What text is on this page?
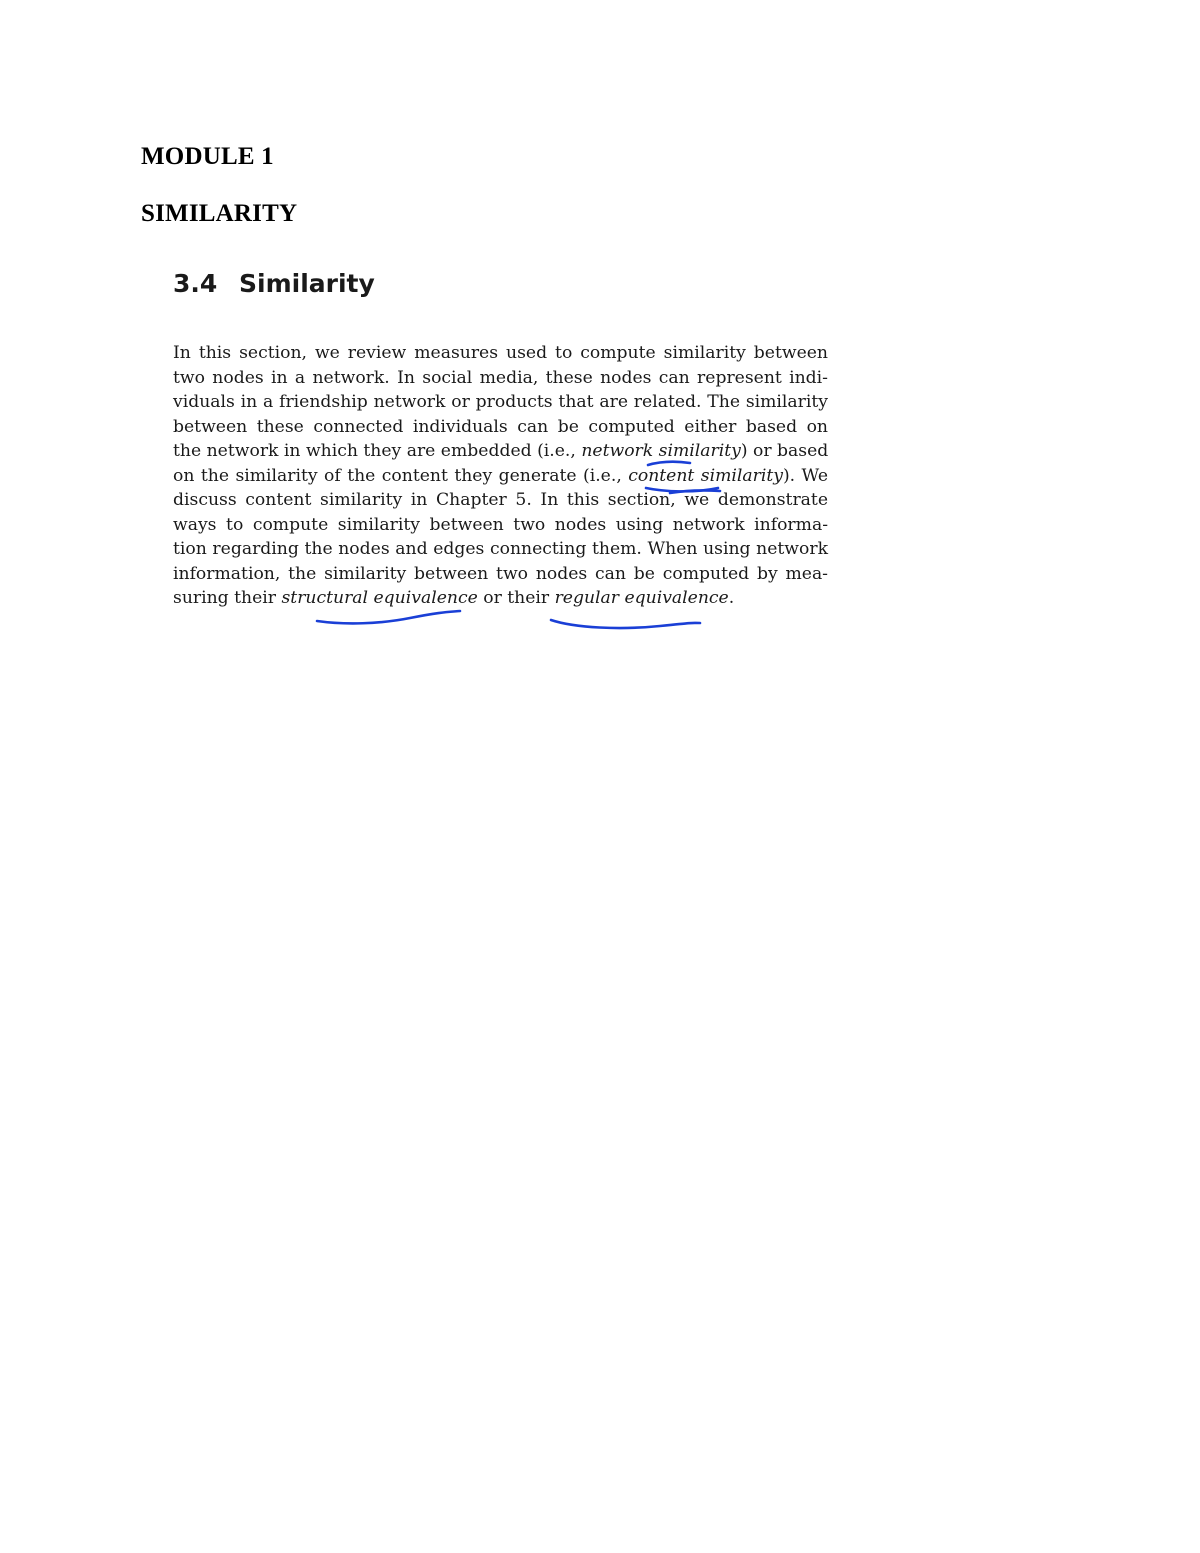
MODULE 1
SIMILARITY
3.4 Similarity
In this section, we review measures used to compute similarity between
two nodes in a network. In social media, these nodes can represent indi-
viduals in a friendship network or products that are related. The similarity
between these connected individuals can be computed either based on
the network in which they are embedded (i.e., network similarity) or based
on the similarity of the content they generate (i.e., content similarity). We
discuss content similarity in Chapter 5. In this section, we demonstrate
ways to compute similarity between two nodes using network informa-
tion regarding the nodes and edges connecting them. When using network
information, the similarity between two nodes can be computed by mea-
suring their structural equivalence or their regular equivalence.
